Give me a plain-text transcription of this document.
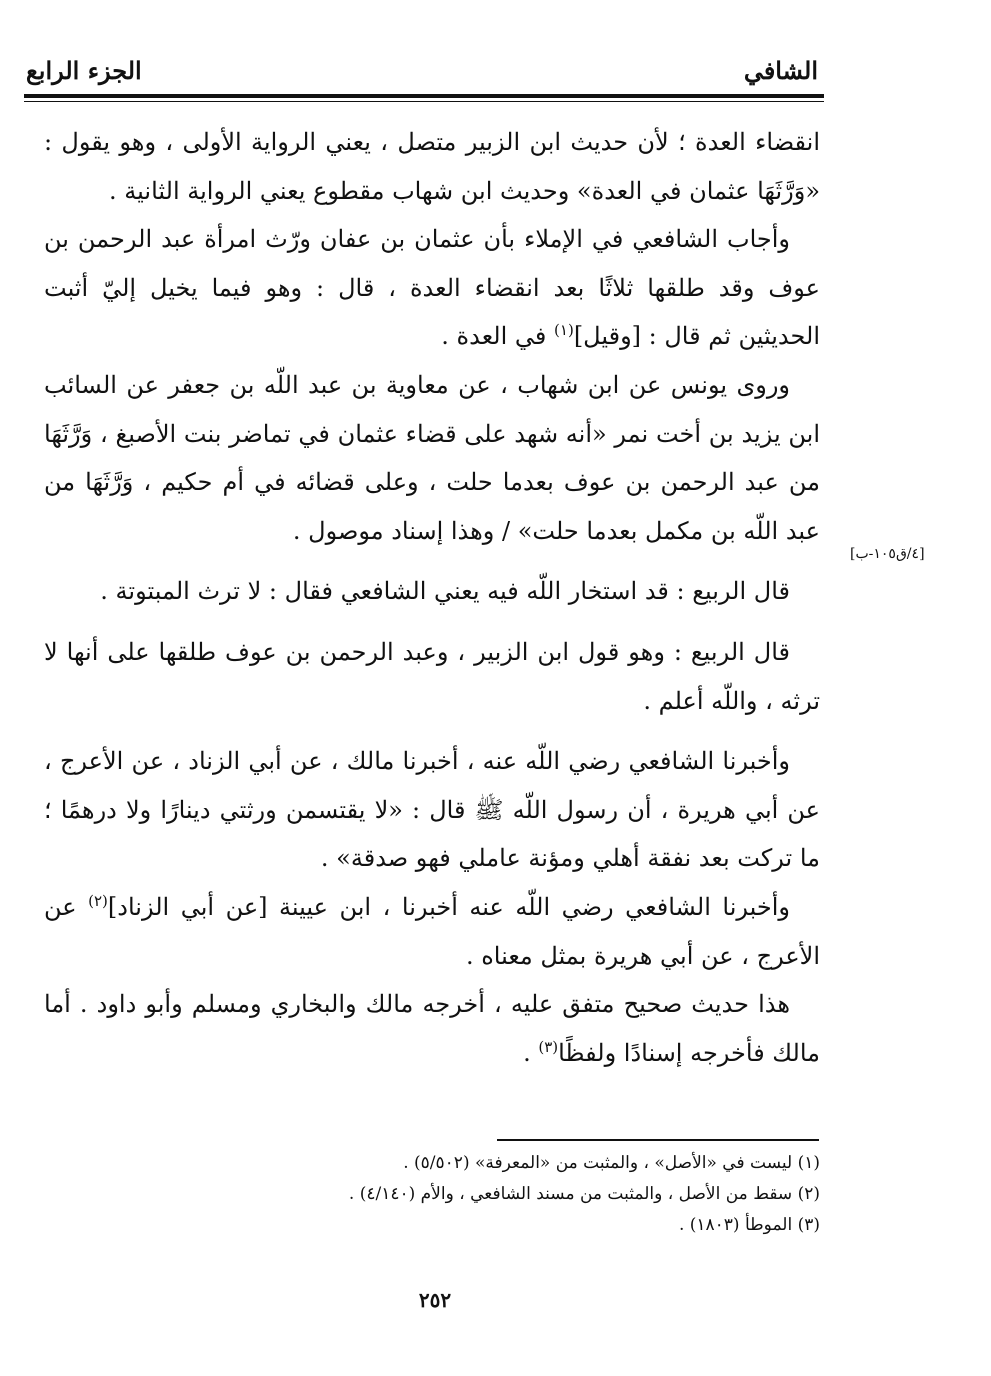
الشافي
الجزء الرابع

انقضاء العدة ؛ لأن حديث ابن الزبير متصل ، يعني الرواية الأولى ، وهو يقول : «وَرَّثَهَا عثمان في العدة» وحديث ابن شهاب مقطوع يعني الرواية الثانية .

وأجاب الشافعي في الإملاء بأن عثمان بن عفان ورّث امرأة عبد الرحمن بن عوف وقد طلقها ثلاثًا بعد انقضاء العدة ، قال : وهو فيما يخيل إليّ أثبت الحديثين ثم قال : [وقيل]$^{(١)}$ في العدة .

وروى يونس عن ابن شهاب ، عن معاوية بن عبد اللّه بن جعفر عن السائب ابن يزيد بن أخت نمر «أنه شهد على قضاء عثمان في تماضر بنت الأصبغ ، وَرَّثَهَا من عبد الرحمن بن عوف بعدما حلت ، وعلى قضائه في أم حكيم ، وَرَّثَهَا من عبد اللّه بن مكمل بعدما حلت» / وهذا إسناد موصول .

قال الربيع : قد استخار اللّه فيه يعني الشافعي فقال : لا ترث المبتوتة .

قال الربيع : وهو قول ابن الزبير ، وعبد الرحمن بن عوف طلقها على أنها لا ترثه ، واللّه أعلم .

وأخبرنا الشافعي رضي اللّه عنه ، أخبرنا مالك ، عن أبي الزناد ، عن الأعرج ، عن أبي هريرة ، أن رسول اللّه ﷺ قال : «لا يقتسمن ورثتي دينارًا ولا درهمًا ؛ ما تركت بعد نفقة أهلي ومؤنة عاملي فهو صدقة» .

وأخبرنا الشافعي رضي اللّه عنه أخبرنا ، ابن عيينة [عن أبي الزناد]$^{(٢)}$ عن الأعرج ، عن أبي هريرة بمثل معناه .

هذا حديث صحيح متفق عليه ، أخرجه مالك والبخاري ومسلم وأبو داود . أما مالك فأخرجه إسنادًا ولفظًا$^{(٣)}$ .

[٤/ق١٠٥-ب]
(١) ليست في «الأصل» ، والمثبت من «المعرفة» (٥/٥٠٢) .
(٢) سقط من الأصل ، والمثبت من مسند الشافعي ، والأم (٤/١٤٠) .
(٣) الموطأ (١٨٠٣) .
٢٥٢
